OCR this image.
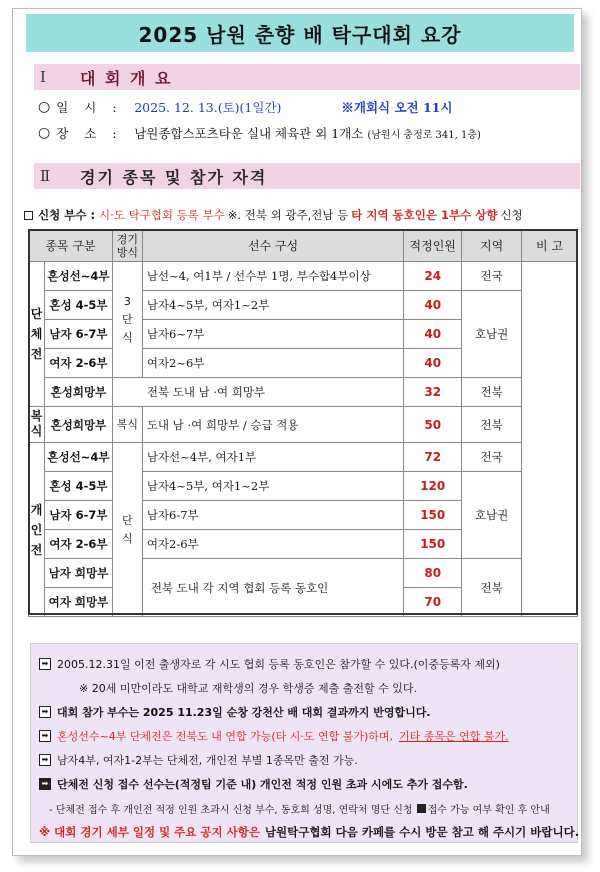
2025 남원 춘향 배 탁구대회 요강
Ⅰ	대 회 개 요
○ 일 시 : 2025. 12. 13.(토)(1일간)	※개회식 오전 11시
○ 장 소 : 남원종합스포츠타운 실내 체육관 외 1개소 (남원시 충정로 341, 1층)
Ⅱ	경기 종목 및 참가 자격
신청 부수 : 시·도 탁구협회 등록 부수 ※. 전북 외 광주,전남 등 타 지역 동호인은 1부수 상향 신청
종목 구분		경기 방식	선수 구성	적정인원	지역	비 고
단체전	혼성선~4부	3 단 식	남선~4, 여1부 / 선수부 1명, 부수합4부이상	24	전국	
	혼성 4-5부		남자4~5부, 여자1~2부	40	호남권	
	남자 6-7부		남자6~7부	40		
	여자 2-6부		여자2~6부	40		
	혼성희망부	전북 도내 남 ·여 희망부		32	전북	
복식	혼성희망부	복식	도내 남 ·여 희망부 / 승급 적용	50	전북	
개인전	혼성선~4부	단 식	남자선~4부, 여자1부	72	전국	
	혼성 4-5부		남자4~5부, 여자1~2부	120	호남권	
	남자 6-7부		남자6-7부	150		
	여자 2-6부		여자2-6부	150		
	남자 희망부		전북 도내 각 지역 협회 등록 동호인	80	전북	
	여자 희망부			70		
➡ 2005.12.31일 이전 출생자로 각 시도 협회 등록 동호인은 참가할 수 있다.(이중등록자 제외)
※ 20세 미만이라도 대학교 재학생의 경우 학생증 제출 출전할 수 있다.
➡ 대회 참가 부수는 2025 11.23일 순창 강천산 배 대회 결과까지 반영합니다.
➡ 혼성선수~4부 단체전은 전북도 내 연합 가능(타 시·도 연합 불가)하며, 기타 종목은 연합 불가.
➡ 남자4부, 여자1-2부는 단체전, 개인전 부별 1종목만 출전 가능.
➡ 단체전 신청 접수 선수는(적정팀 기준 내) 개인전 적정 인원 초과 시에도 추가 접수함.
- 단체전 접수 후 개인전 적정 인원 초과시 신청 부수, 동호회 성명, 연락처 명단 신청 접수 가능 여부 확인 후 안내
※ 대회 경기 세부 일정 및 주요 공지 사항은 남원탁구협회 다음 카페를 수시 방문 참고 해 주시기 바랍니다.
